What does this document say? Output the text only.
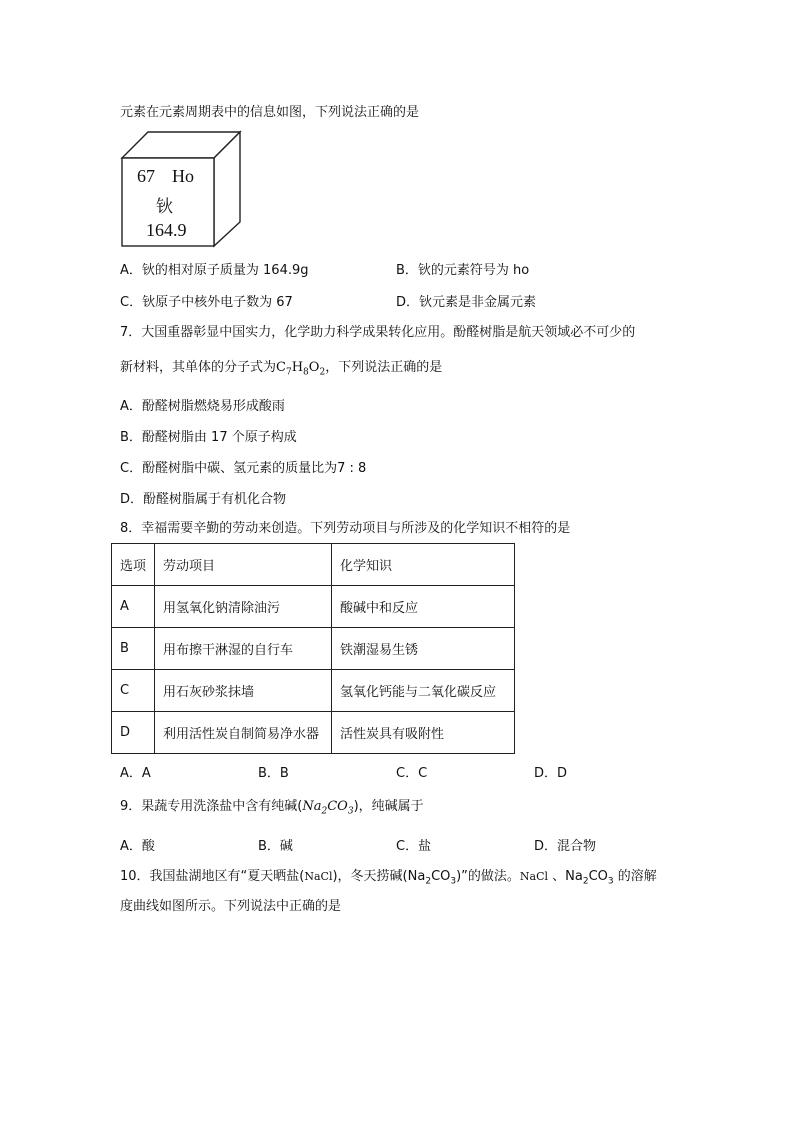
元素在元素周期表中的信息如图，下列说法正确的是
67 Ho
钬
164.9
A．钬的相对原子质量为 164.9g	B．钬的元素符号为 ho
C．钬原子中核外电子数为 67	D．钬元素是非金属元素
7．大国重器彰显中国实力，化学助力科学成果转化应用。酚醛树脂是航天领域必不可少的
新材料，其单体的分子式为$C_7H_8O_2$，下列说法正确的是
A．酚醛树脂燃烧易形成酸雨
B．酚醛树脂由 17 个原子构成
C．酚醛树脂中碳、氢元素的质量比为7 : 8
D．酚醛树脂属于有机化合物
8．幸福需要辛勤的劳动来创造。下列劳动项目与所涉及的化学知识不相符的是
选项	劳动项目	化学知识
A	用氢氧化钠清除油污	酸碱中和反应
B	用布擦干淋湿的自行车	铁潮湿易生锈
C	用石灰砂浆抹墙	氢氧化钙能与二氧化碳反应
D	利用活性炭自制简易净水器	活性炭具有吸附性
A．A	B．B	C．C	D．D
9．果蔬专用洗涤盐中含有纯碱$(Na_2CO_3)$，纯碱属于
A．酸	B．碱	C．盐	D．混合物
10．我国盐湖地区有“夏天晒盐(NaCl)，冬天捞碱$(Na_2CO_3)$”的做法。NaCl 、$Na_2CO_3$ 的溶解
度曲线如图所示。下列说法中正确的是
